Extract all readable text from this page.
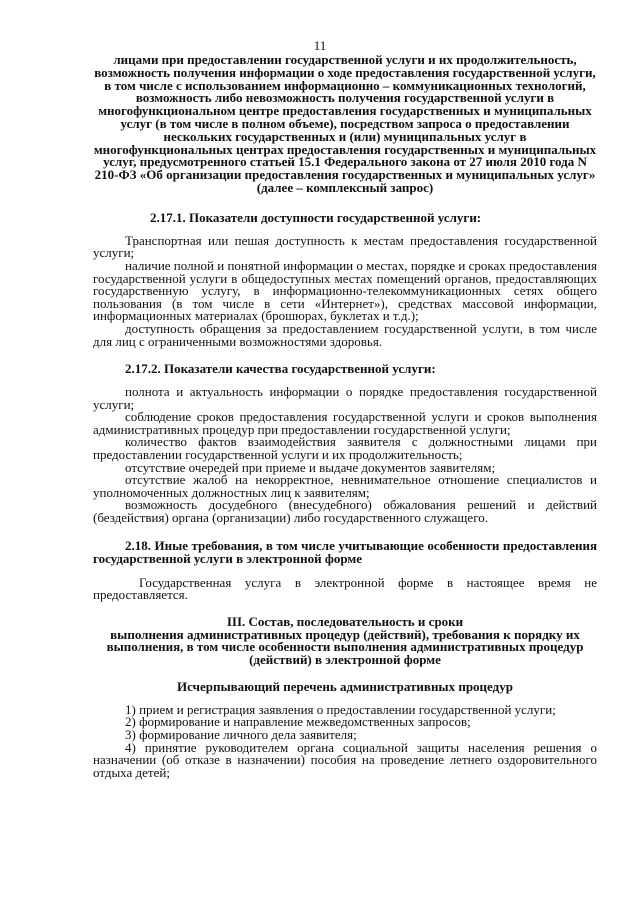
11

лицами при предоставлении государственной услуги и их продолжительность, возможность получения информации о ходе предоставления государственной услуги, в том числе с использованием информационно – коммуникационных технологий, возможность либо невозможность получения государственной услуги в многофункциональном центре предоставления государственных и муниципальных услуг (в том числе в полном объеме), посредством запроса о предоставлении нескольких государственных и (или) муниципальных услуг в многофункциональных центрах предоставления государственных и муниципальных услуг, предусмотренного статьей 15.1 Федерального закона от 27 июля 2010 года N 210-ФЗ «Об организации предоставления государственных и муниципальных услуг» (далее – комплексный запрос)

2.17.1. Показатели доступности государственной услуги:

Транспортная или пешая доступность к местам предоставления государственной услуги;

наличие полной и понятной информации о местах, порядке и сроках предоставления государственной услуги в общедоступных местах помещений органов, предоставляющих государственную услугу, в информационно-телекоммуникационных сетях общего пользования (в том числе в сети «Интернет»), средствах массовой информации, информационных материалах (брошюрах, буклетах и т.д.);

доступность обращения за предоставлением государственной услуги, в том числе для лиц с ограниченными возможностями здоровья.

2.17.2. Показатели качества государственной услуги:

полнота и актуальность информации о порядке предоставления государственной услуги;

соблюдение сроков предоставления государственной услуги и сроков выполнения административных процедур при предоставлении государственной услуги;

количество фактов взаимодействия заявителя с должностными лицами при предоставлении государственной услуги и их продолжительность;

отсутствие очередей при приеме и выдаче документов заявителям;

отсутствие жалоб на некорректное, невнимательное отношение специалистов и уполномоченных должностных лиц к заявителям;

возможность досудебного (внесудебного) обжалования решений и действий (бездействия) органа (организации) либо государственного служащего.

2.18. Иные требования, в том числе учитывающие особенности предоставления государственной услуги в электронной форме

Государственная услуга в электронной форме в настоящее время не предоставляется.

III. Состав, последовательность и сроки

выполнения административных процедур (действий), требования к порядку их выполнения, в том числе особенности выполнения административных процедур (действий) в электронной форме

Исчерпывающий перечень административных процедур

1) прием и регистрация заявления о предоставлении государственной услуги;

2) формирование и направление межведомственных запросов;

3) формирование личного дела заявителя;

4) принятие руководителем органа социальной защиты населения решения о назначении (об отказе в назначении) пособия на проведение летнего оздоровительного отдыха детей;
